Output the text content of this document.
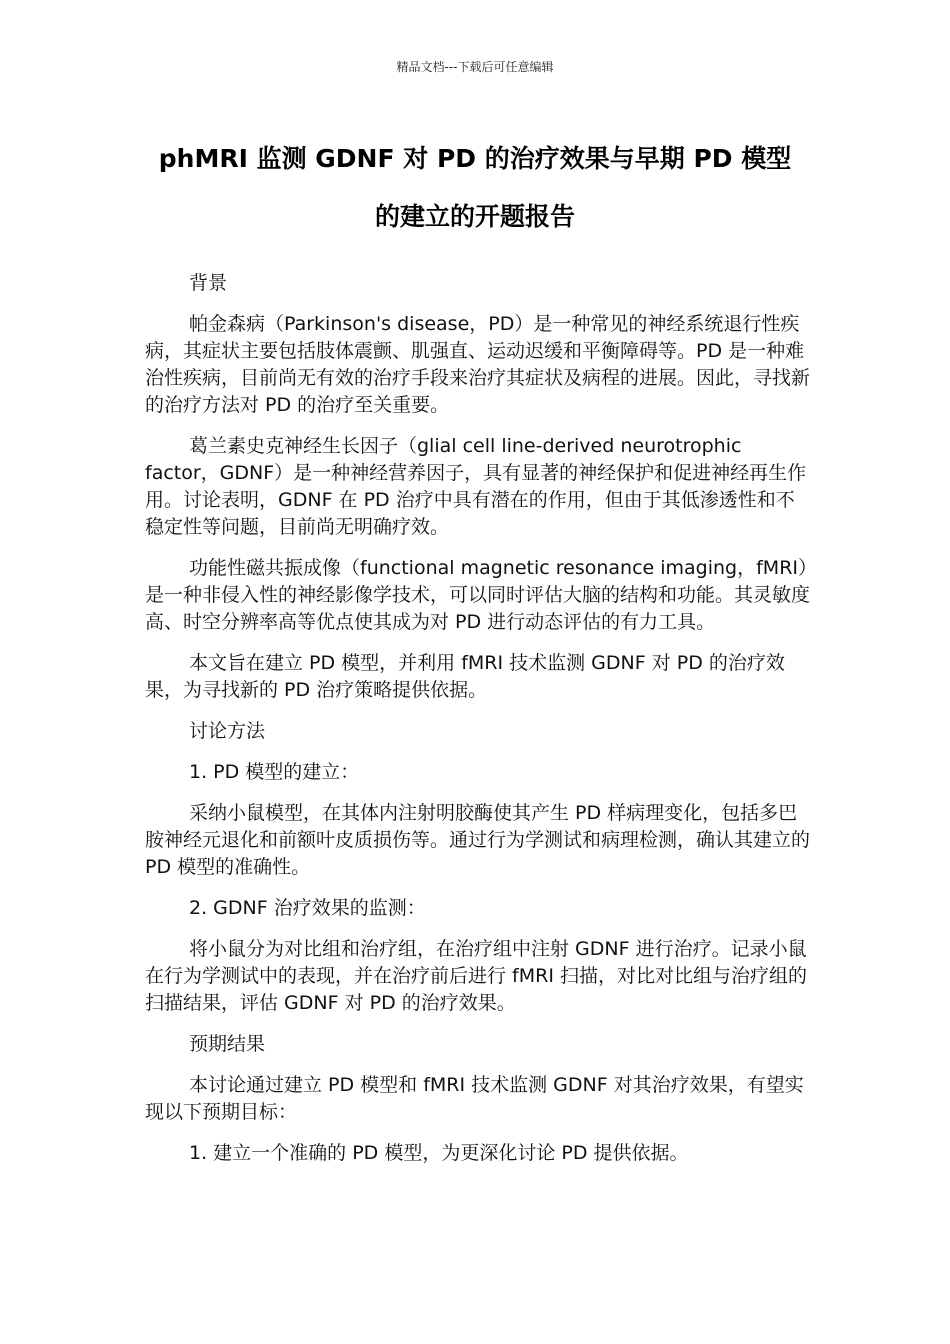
精品文档---下载后可任意编辑
phMRI 监测 GDNF 对 PD 的治疗效果与早期 PD 模型
的建立的开题报告

背景

帕金森病（Parkinson's disease，PD）是一种常见的神经系统退行性疾病，其症状主要包括肢体震颤、肌强直、运动迟缓和平衡障碍等。PD 是一种难治性疾病，目前尚无有效的治疗手段来治疗其症状及病程的进展。因此，寻找新的治疗方法对 PD 的治疗至关重要。

葛兰素史克神经生长因子（glial cell line-derived neurotrophic factor，GDNF）是一种神经营养因子，具有显著的神经保护和促进神经再生作用。讨论表明，GDNF 在 PD 治疗中具有潜在的作用，但由于其低渗透性和不稳定性等问题，目前尚无明确疗效。

功能性磁共振成像（functional magnetic resonance imaging，fMRI）是一种非侵入性的神经影像学技术，可以同时评估大脑的结构和功能。其灵敏度高、时空分辨率高等优点使其成为对 PD 进行动态评估的有力工具。

本文旨在建立 PD 模型，并利用 fMRI 技术监测 GDNF 对 PD 的治疗效果，为寻找新的 PD 治疗策略提供依据。

讨论方法

1. PD 模型的建立：

采纳小鼠模型，在其体内注射明胶酶使其产生 PD 样病理变化，包括多巴胺神经元退化和前额叶皮质损伤等。通过行为学测试和病理检测，确认其建立的 PD 模型的准确性。

2. GDNF 治疗效果的监测：

将小鼠分为对比组和治疗组，在治疗组中注射 GDNF 进行治疗。记录小鼠在行为学测试中的表现，并在治疗前后进行 fMRI 扫描，对比对比组与治疗组的扫描结果，评估 GDNF 对 PD 的治疗效果。

预期结果

本讨论通过建立 PD 模型和 fMRI 技术监测 GDNF 对其治疗效果，有望实现以下预期目标：

1. 建立一个准确的 PD 模型，为更深化讨论 PD 提供依据。
